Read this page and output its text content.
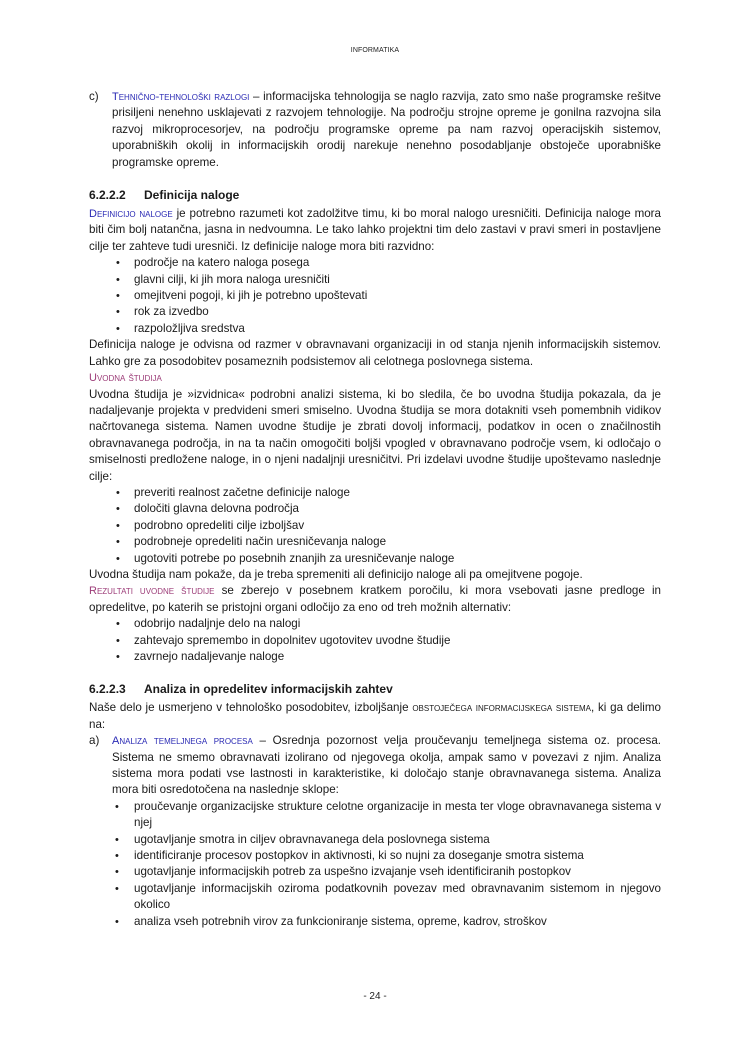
INFORMATIKA
c)	Tehnično-tehnološki razlogi – informacijska tehnologija se naglo razvija, zato smo naše programske rešitve prisiljeni nenehno usklajevati z razvojem tehnologije. Na področju strojne opreme je gonilna razvojna sila razvoj mikroprocesorjev, na področju programske opreme pa nam razvoj operacijskih sistemov, uporabniških okolij in informacijskih orodij narekuje nenehno posodabljanje obstoječe uporabniške programske opreme.
6.2.2.2 Definicija naloge

Definicijo naloge je potrebno razumeti kot zadolžitve timu, ki bo moral nalogo uresničiti. Definicija naloge mora biti čim bolj natančna, jasna in nedvoumna. Le tako lahko projektni tim delo zastavi v pravi smeri in postavljene cilje ter zahteve tudi uresniči. Iz definicije naloge mora biti razvidno:

• področje na katero naloga posega
• glavni cilji, ki jih mora naloga uresničiti
• omejitveni pogoji, ki jih je potrebno upoštevati
• rok za izvedbo
• razpoložljiva sredstva

Definicija naloge je odvisna od razmer v obravnavani organizaciji in od stanja njenih informacijskih sistemov. Lahko gre za posodobitev posameznih podsistemov ali celotnega poslovnega sistema.

Uvodna študija

Uvodna študija je »izvidnica« podrobni analizi sistema, ki bo sledila, če bo uvodna študija pokazala, da je nadaljevanje projekta v predvideni smeri smiselno. Uvodna študija se mora dotakniti vseh pomembnih vidikov načrtovanega sistema. Namen uvodne študije je zbrati dovolj informacij, podatkov in ocen o značilnostih obravnavanega področja, in na ta način omogočiti boljši vpogled v obravnavano področje vsem, ki odločajo o smiselnosti predložene naloge, in o njeni nadaljnji uresničitvi. Pri izdelavi uvodne študije upoštevamo naslednje cilje:

• preveriti realnost začetne definicije naloge
• določiti glavna delovna področja
• podrobno opredeliti cilje izboljšav
• podrobneje opredeliti način uresničevanja naloge
• ugotoviti potrebe po posebnih znanjih za uresničevanje naloge

Uvodna študija nam pokaže, da je treba spremeniti ali definicijo naloge ali pa omejitvene pogoje.

Rezultati uvodne študije se zberejo v posebnem kratkem poročilu, ki mora vsebovati jasne predloge in opredelitve, po katerih se pristojni organi odločijo za eno od treh možnih alternativ:

• odobrijo nadaljnje delo na nalogi
• zahtevajo spremembo in dopolnitev ugotovitev uvodne študije
• zavrnejo nadaljevanje naloge
6.2.2.3 Analiza in opredelitev informacijskih zahtev

Naše delo je usmerjeno v tehnološko posodobitev, izboljšanje obstoječega informacijskega sistema, ki ga delimo na:

a)	Analiza temeljnega procesa – Osrednja pozornost velja proučevanju temeljnega sistema oz. procesa. Sistema ne smemo obravnavati izolirano od njegovega okolja, ampak samo v povezavi z njim. Analiza sistema mora podati vse lastnosti in karakteristike, ki določajo stanje obravnavanega sistema. Analiza mora biti osredotočena na naslednje sklope:
• proučevanje organizacijske strukture celotne organizacije in mesta ter vloge obravnavanega sistema v njej
• ugotavljanje smotra in ciljev obravnavanega dela poslovnega sistema
• identificiranje procesov postopkov in aktivnosti, ki so nujni za doseganje smotra sistema
• ugotavljanje informacijskih potreb za uspešno izvajanje vseh identificiranih postopkov
• ugotavljanje informacijskih oziroma podatkovnih povezav med obravnavanim sistemom in njegovo okolico
• analiza vseh potrebnih virov za funkcioniranje sistema, opreme, kadrov, stroškov
- 24 -
